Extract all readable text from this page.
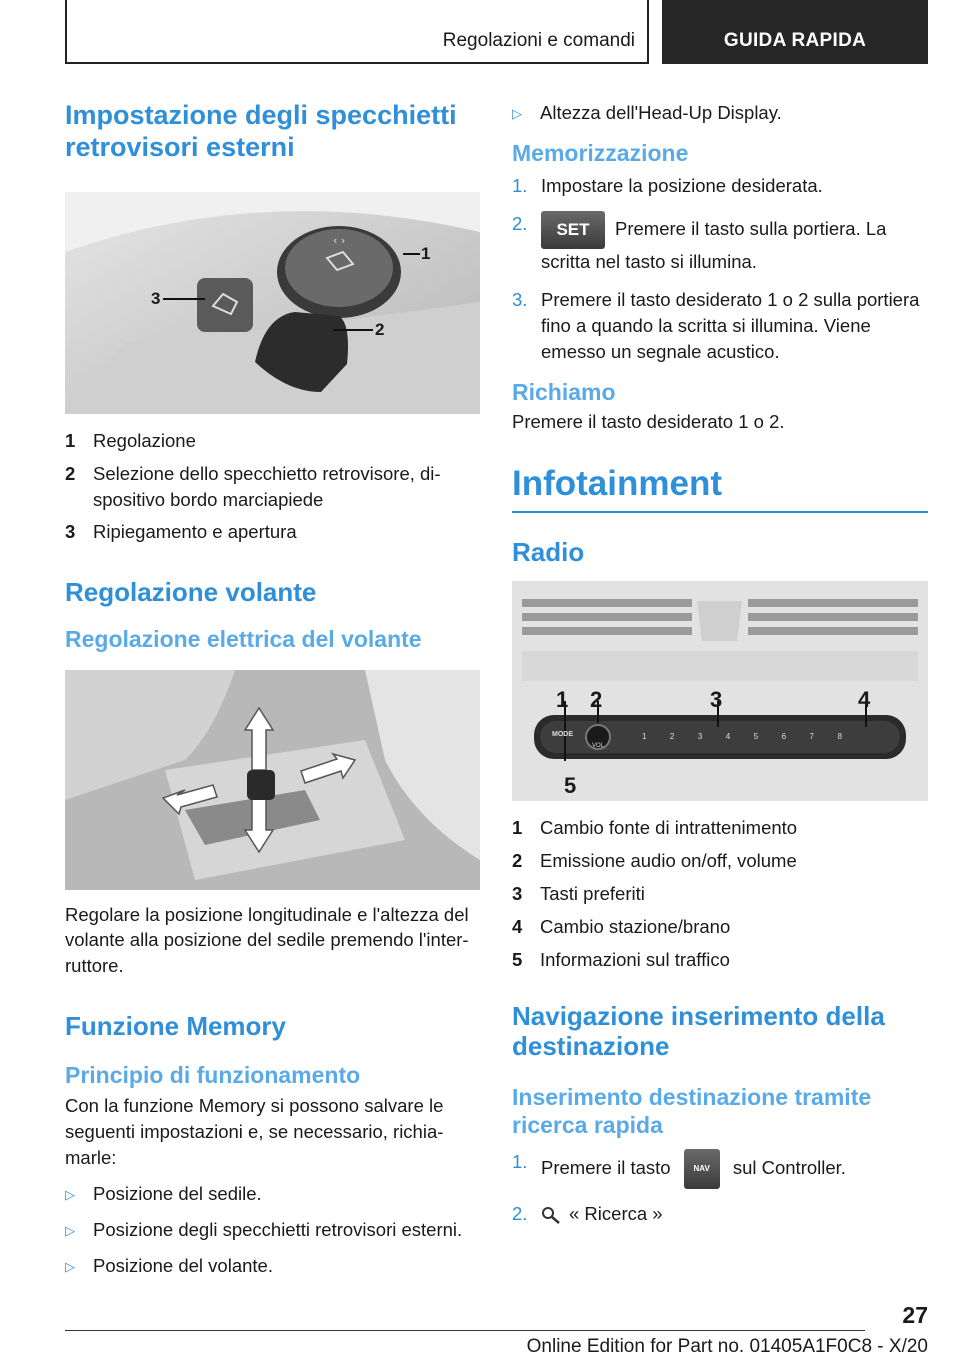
Regolazioni e comandi	GUIDA RAPIDA
Impostazione degli specchietti retrovisori esterni
‹ ›
1
2
3
1 Regolazione
2 Selezione dello specchietto retrovisore, dispositivo bordo marciapiede
3 Ripiegamento e apertura
Regolazione volante
Regolazione elettrica del volante
Regolare la posizione longitudinale e l'altezza del volante alla posizione del sedile premendo l'interruttore.
Funzione Memory
Principio di funzionamento
Con la funzione Memory si possono salvare le seguenti impostazioni e, se necessario, richiamarle:
▷ Posizione del sedile.
▷ Posizione degli specchietti retrovisori esterni.
▷ Posizione del volante.
▷ Altezza dell'Head-Up Display.
Memorizzazione
1. Impostare la posizione desiderata.
2.	SET Premere il tasto sulla portiera. La scritta nel tasto si illumina.
3. Premere il tasto desiderato 1 o 2 sulla portiera fino a quando la scritta si illumina. Viene emesso un segnale acustico.
Richiamo
Premere il tasto desiderato 1 o 2.
Infotainment
Radio
1 2	3	4
5
MODE
VOL
1	2	3	4	5	6	7	8
1 Cambio fonte di intrattenimento
2 Emissione audio on/off, volume
3 Tasti preferiti
4 Cambio stazione/brano
5 Informazioni sul traffico
Navigazione inserimento della destinazione
Inserimento destinazione tramite ricerca rapida
1. Premere il tasto	NAV sul Controller.
2.	« Ricerca »
27
Online Edition for Part no. 01405A1F0C8 - X/20
